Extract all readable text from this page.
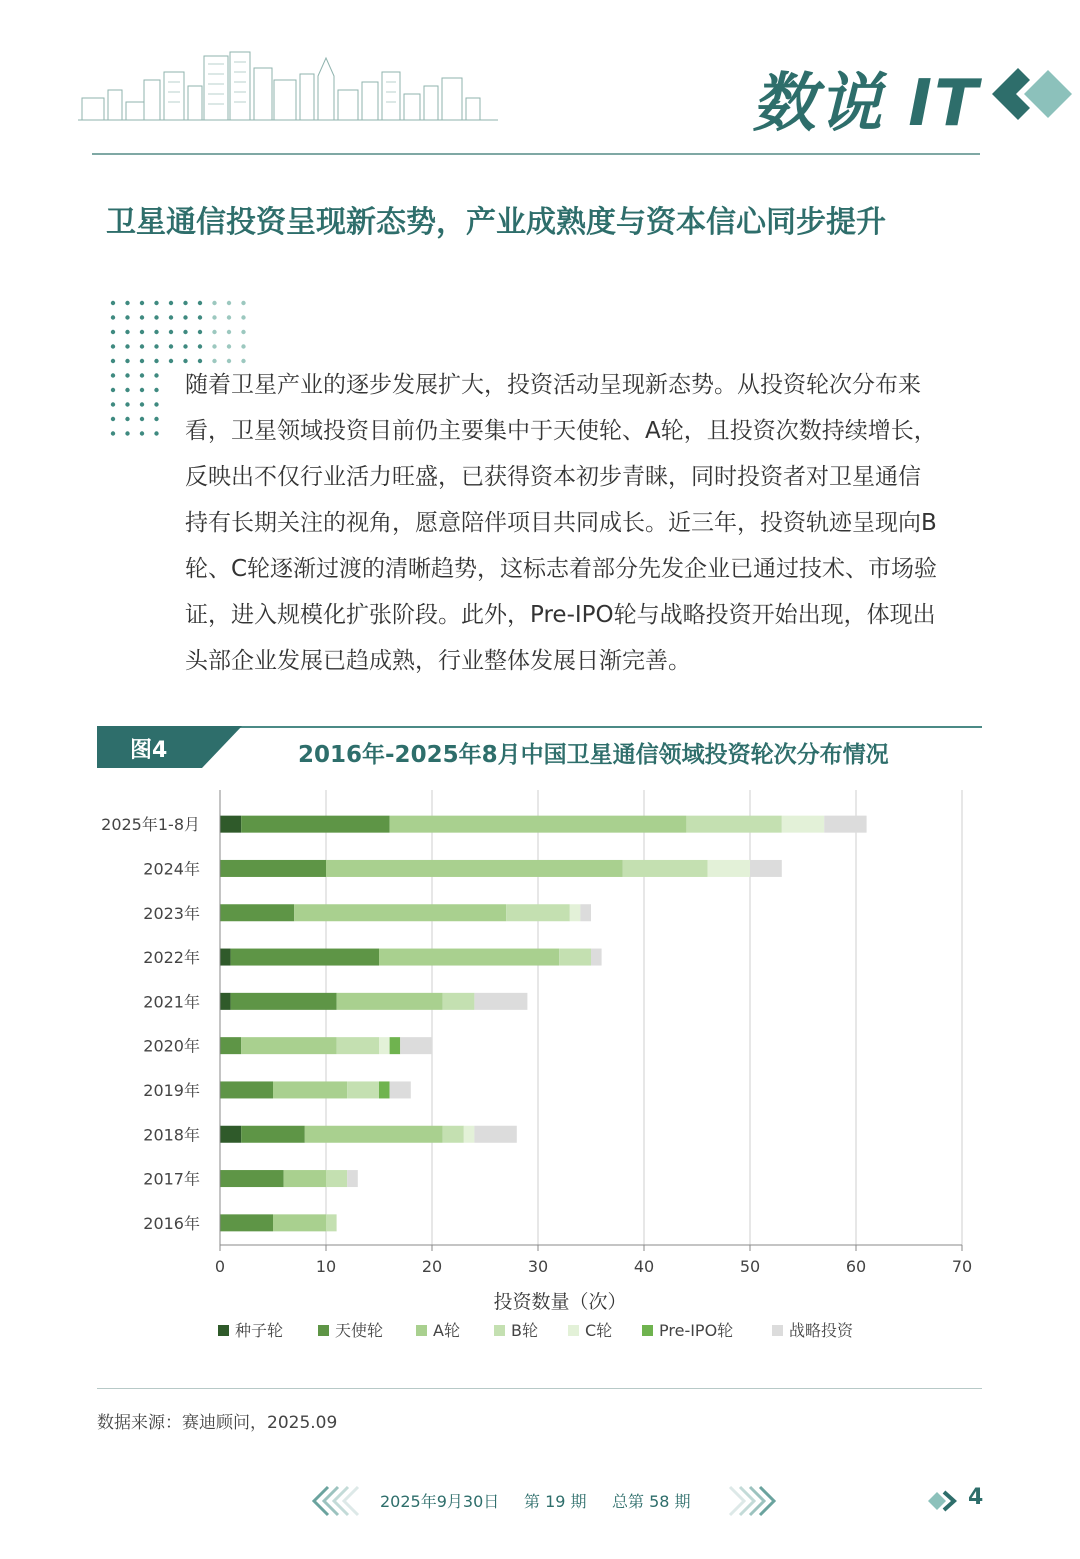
数说 IT
卫星通信投资呈现新态势，产业成熟度与资本信心同步提升
随着卫星产业的逐步发展扩大，投资活动呈现新态势。从投资轮次分布来
看，卫星领域投资目前仍主要集中于天使轮、A轮，且投资次数持续增长，
反映出不仅行业活力旺盛，已获得资本初步青睐，同时投资者对卫星通信
持有长期关注的视角，愿意陪伴项目共同成长。近三年，投资轨迹呈现向B
轮、C轮逐渐过渡的清晰趋势，这标志着部分先发企业已通过技术、市场验
证，进入规模化扩张阶段。此外，Pre-IPO轮与战略投资开始出现，体现出
头部企业发展已趋成熟，行业整体发展日渐完善。
图4	2016年-2025年8月中国卫星通信领域投资轮次分布情况
0	10	20	30	40	50	60	70
2025年1-8月
2024年
2023年
2022年
2021年
2020年
2019年
2018年
2017年
2016年
投资数量（次）
种子轮	天使轮	A轮	B轮	C轮	Pre-IPO轮	战略投资
数据来源：赛迪顾问，2025.09
2025年9月30日 第 19 期 总第 58 期	4
